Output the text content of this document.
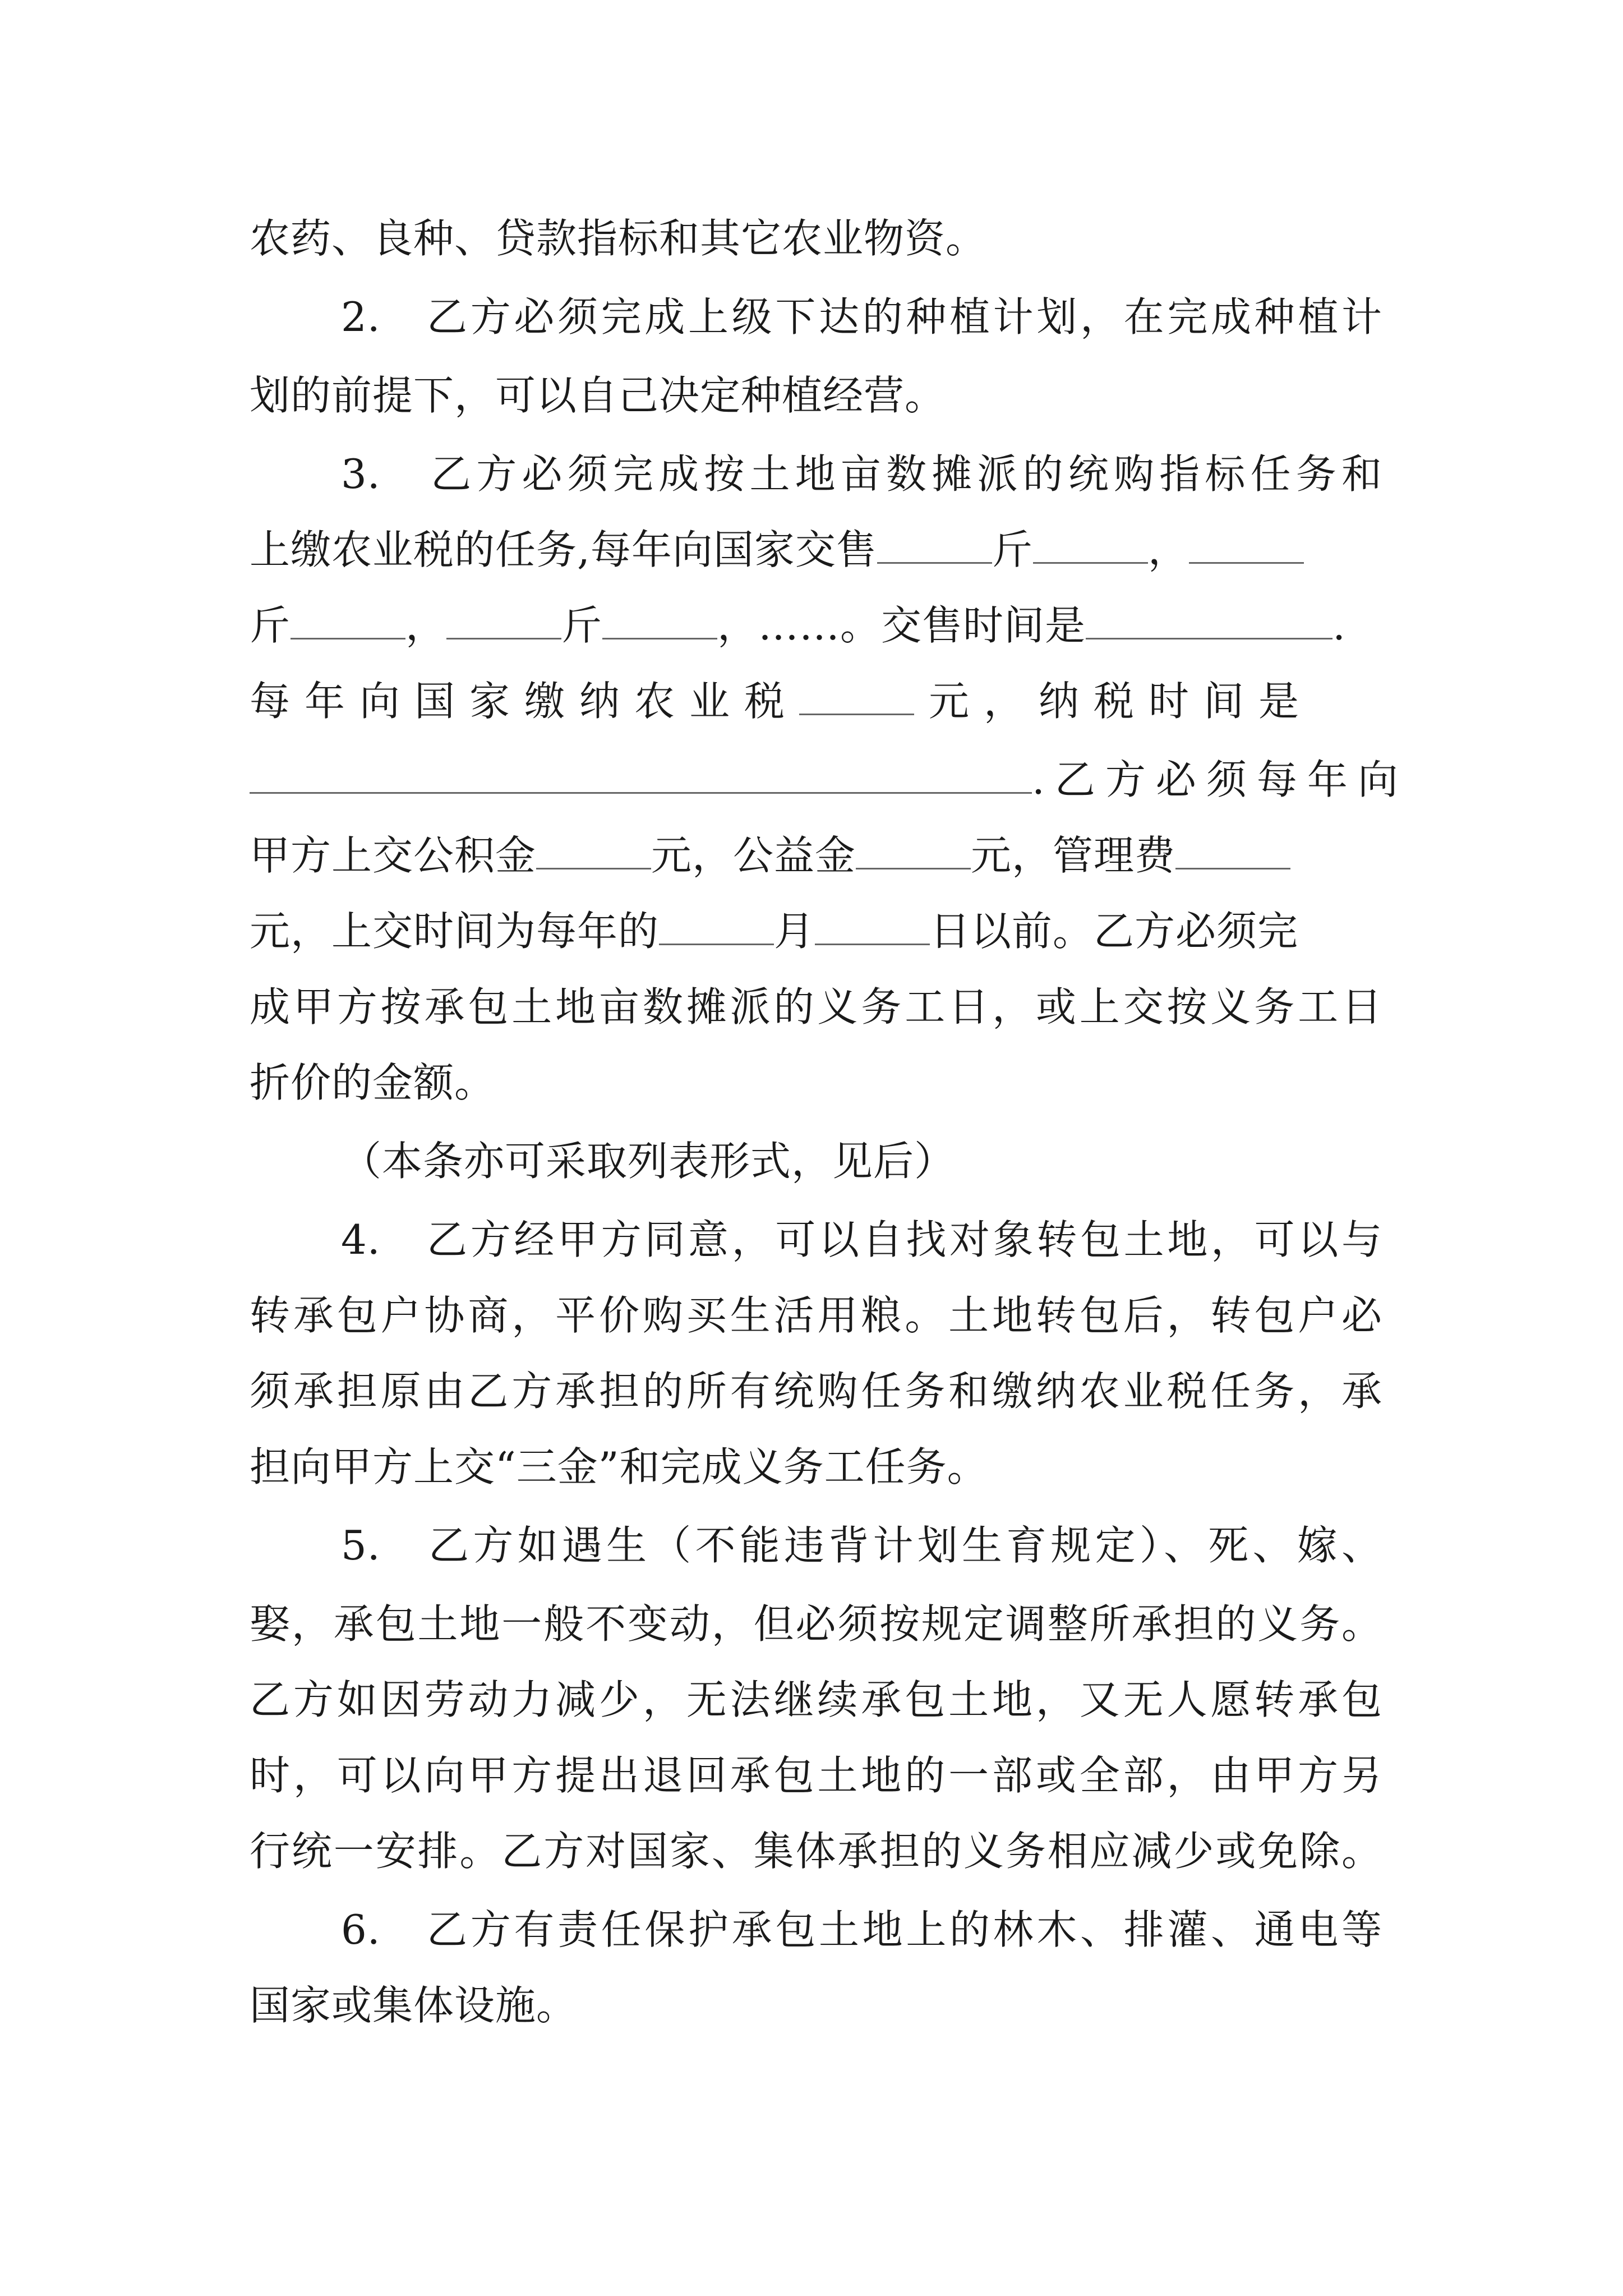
农药、良种、贷款指标和其它农业物资。
2.　乙方必须完成上级下达的种植计划，在完成种植计
划的前提下，可以自己决定种植经营。
3.　乙方必须完成按土地亩数摊派的统购指标任务和
上缴农业税的任务,每年向国家交售	斤	，
斤	，	斤	，……。交售时间是	.
每年向国家缴纳农业税	元，纳税时间是
.乙方必须每年向
甲方上交公积金	元，公益金	元，管理费
元，上交时间为每年的	月	日以前。乙方必须完
成甲方按承包土地亩数摊派的义务工日，或上交按义务工日
折价的金额。
（本条亦可采取列表形式，见后）
4.　乙方经甲方同意，可以自找对象转包土地，可以与
转承包户协商，平价购买生活用粮。土地转包后，转包户必
须承担原由乙方承担的所有统购任务和缴纳农业税任务，承
担向甲方上交“三金”和完成义务工任务。
5.　乙方如遇生（不能违背计划生育规定）、死、嫁、
娶，承包土地一般不变动，但必须按规定调整所承担的义务。
乙方如因劳动力减少，无法继续承包土地，又无人愿转承包
时，可以向甲方提出退回承包土地的一部或全部，由甲方另
行统一安排。乙方对国家、集体承担的义务相应减少或免除。
6.　乙方有责任保护承包土地上的林木、排灌、通电等
国家或集体设施。
